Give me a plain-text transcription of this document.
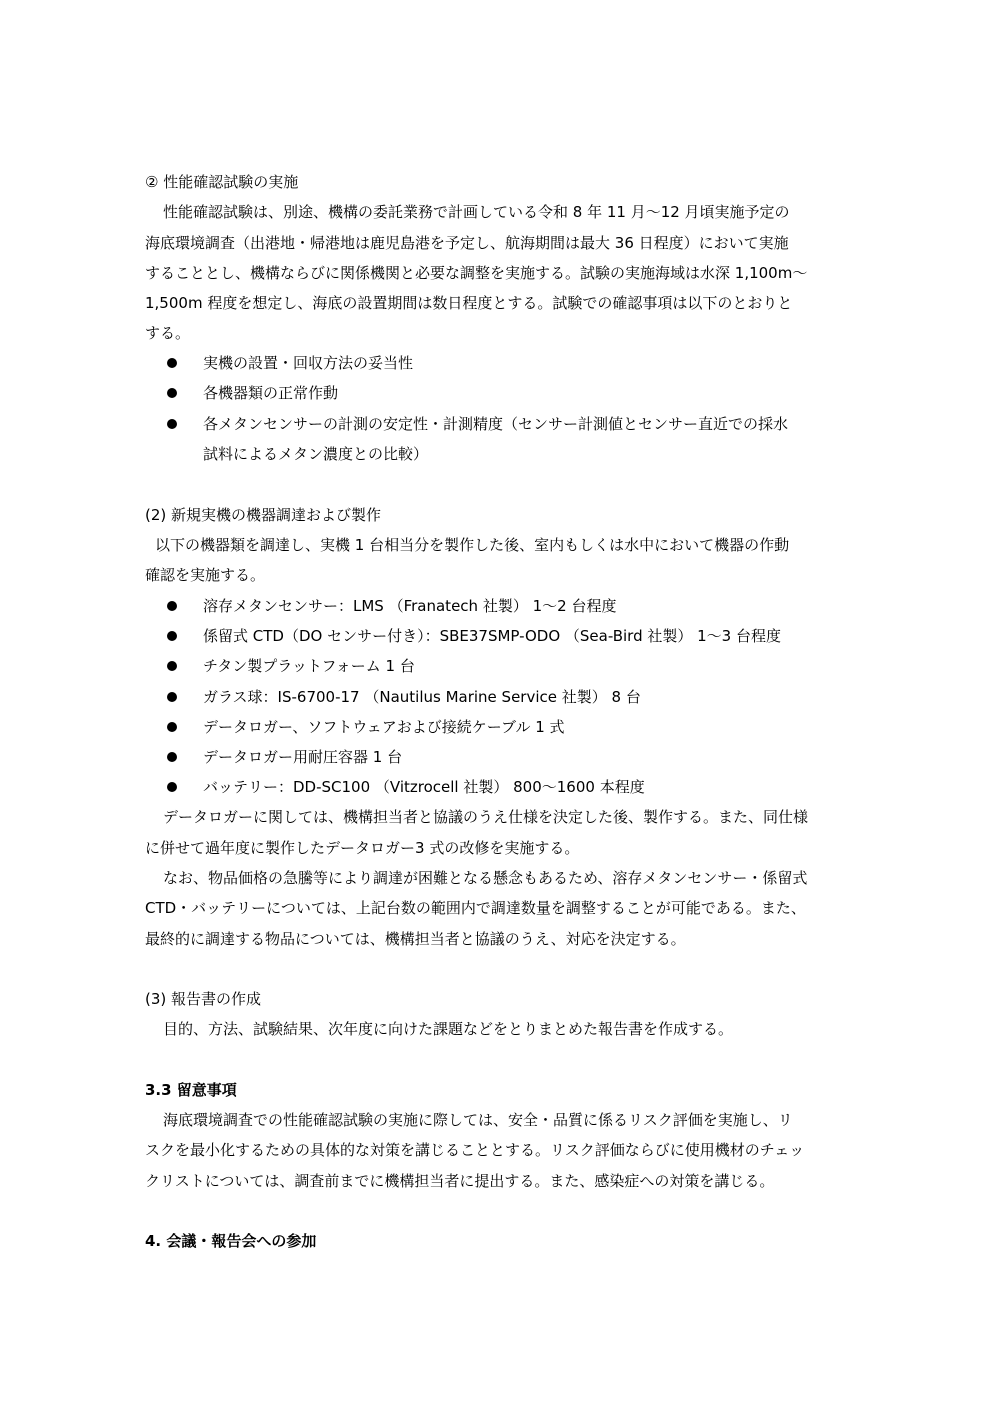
② 性能確認試験の実施
性能確認試験は、別途、機構の委託業務で計画している令和 8 年 11 月～12 月頃実施予定の
海底環境調査（出港地・帰港地は鹿児島港を予定し、航海期間は最大 36 日程度）において実施
することとし、機構ならびに関係機関と必要な調整を実施する。試験の実施海域は水深 1,100m～
1,500m 程度を想定し、海底の設置期間は数日程度とする。試験での確認事項は以下のとおりと
する。
実機の設置・回収方法の妥当性
各機器類の正常作動
各メタンセンサーの計測の安定性・計測精度（センサー計測値とセンサー直近での採水
試料によるメタン濃度との比較）
(2) 新規実機の機器調達および製作
以下の機器類を調達し、実機 1 台相当分を製作した後、室内もしくは水中において機器の作動
確認を実施する。
溶存メタンセンサー：LMS （Franatech 社製） 1～2 台程度
係留式 CTD（DO センサー付き）：SBE37SMP-ODO （Sea-Bird 社製） 1～3 台程度
チタン製プラットフォーム 1 台
ガラス球：IS-6700-17 （Nautilus Marine Service 社製） 8 台
データロガー、ソフトウェアおよび接続ケーブル 1 式
データロガー用耐圧容器 1 台
バッテリー：DD-SC100 （Vitzrocell 社製） 800～1600 本程度
データロガーに関しては、機構担当者と協議のうえ仕様を決定した後、製作する。また、同仕様
に併せて過年度に製作したデータロガー3 式の改修を実施する。
なお、物品価格の急騰等により調達が困難となる懸念もあるため、溶存メタンセンサー・係留式
CTD・バッテリーについては、上記台数の範囲内で調達数量を調整することが可能である。また、
最終的に調達する物品については、機構担当者と協議のうえ、対応を決定する。
(3) 報告書の作成
目的、方法、試験結果、次年度に向けた課題などをとりまとめた報告書を作成する。
3.3 留意事項
海底環境調査での性能確認試験の実施に際しては、安全・品質に係るリスク評価を実施し、リ
スクを最小化するための具体的な対策を講じることとする。リスク評価ならびに使用機材のチェッ
クリストについては、調査前までに機構担当者に提出する。また、感染症への対策を講じる。
4. 会議・報告会への参加
